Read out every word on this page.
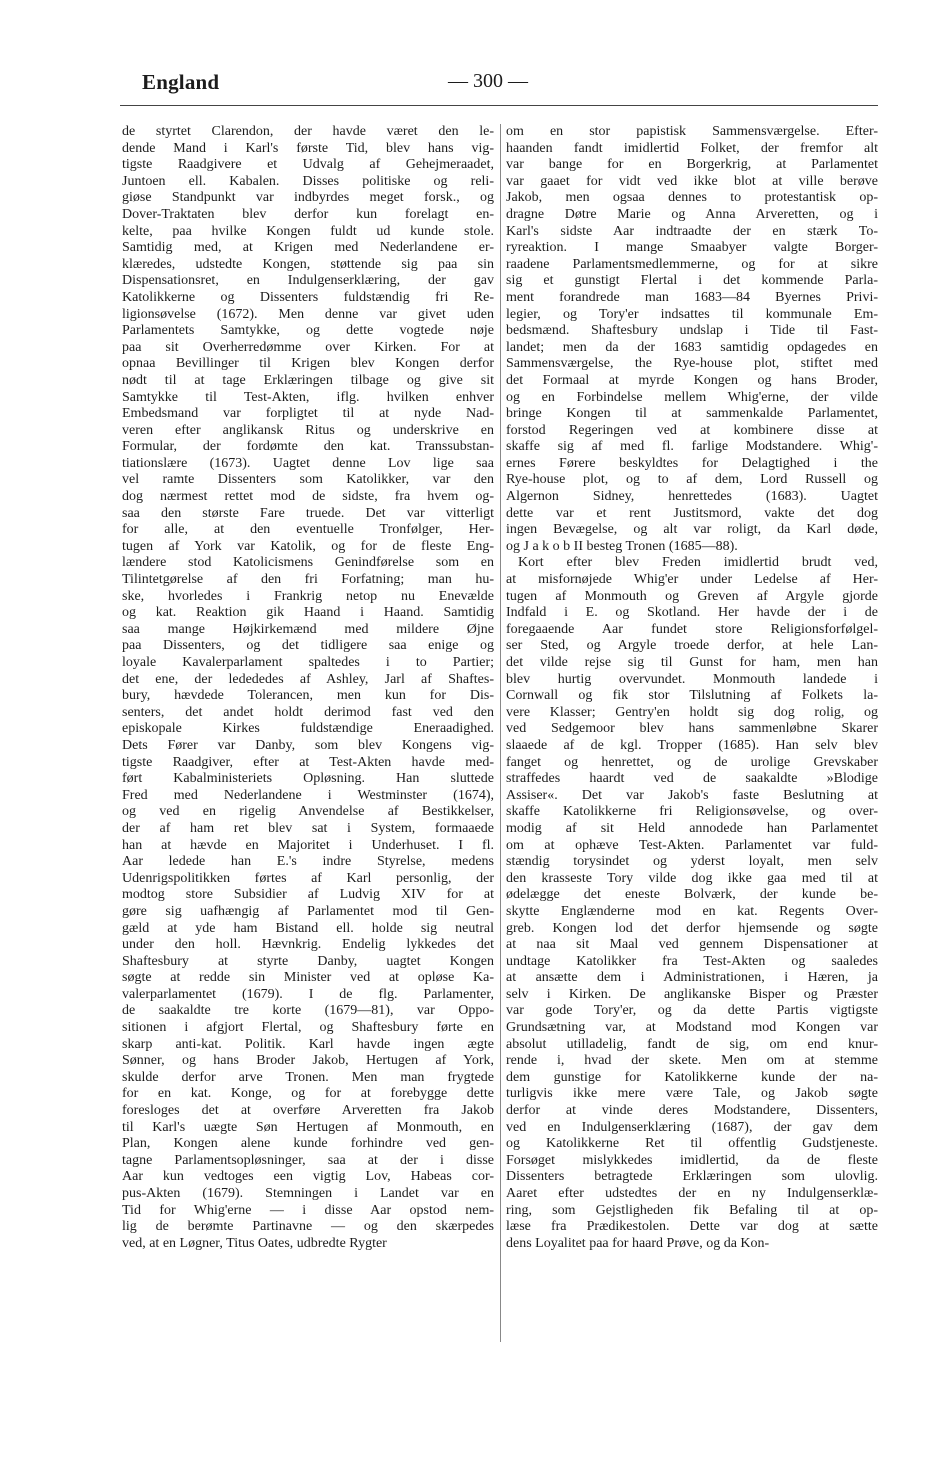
England	— 300 —
de styrtet Clarendon, der havde været den le-
dende Mand i Karl's første Tid, blev hans vig-
tigste Raadgivere et Udvalg af Gehejmeraadet,
Juntoen ell. Kabalen. Disses politiske og reli-
giøse Standpunkt var indbyrdes meget forsk., og
Dover-Traktaten blev derfor kun forelagt en-
kelte, paa hvilke Kongen fuldt ud kunde stole.
Samtidig med, at Krigen med Nederlandene er-
klæredes, udstedte Kongen, støttende sig paa sin
Dispensationsret, en Indulgenserklæring, der gav
Katolikkerne og Dissenters fuldstændig fri Re-
ligionsøvelse (1672). Men denne var givet uden
Parlamentets Samtykke, og dette vogtede nøje
paa sit Overherredømme over Kirken. For at
opnaa Bevillinger til Krigen blev Kongen derfor
nødt til at tage Erklæringen tilbage og give sit
Samtykke til Test-Akten, iflg. hvilken enhver
Embedsmand var forpligtet til at nyde Nad-
veren efter anglikansk Ritus og underskrive en
Formular, der fordømte den kat. Transsubstan-
tiationslære (1673). Uagtet denne Lov lige saa
vel ramte Dissenters som Katolikker, var den
dog nærmest rettet mod de sidste, fra hvem og-
saa den største Fare truede. Det var vitterligt
for alle, at den eventuelle Tronfølger, Her-
tugen af York var Katolik, og for de fleste Eng-
lændere stod Katolicismens Genindførelse som en
Tilintetgørelse af den fri Forfatning; man hu-
ske, hvorledes i Frankrig netop nu Enevælde
og kat. Reaktion gik Haand i Haand. Samtidig
saa mange Højkirkemænd med mildere Øjne
paa Dissenters, og det tidligere saa enige og
loyale Kavalerparlament spaltedes i to Partier;
det ene, der ledededes af Ashley, Jarl af Shaftes-
bury, hævdede Tolerancen, men kun for Dis-
senters, det andet holdt derimod fast ved den
episkopale Kirkes fuldstændige Eneraadighed.
Dets Fører var Danby, som blev Kongens vig-
tigste Raadgiver, efter at Test-Akten havde med-
ført Kabalministeriets Opløsning. Han sluttede
Fred med Nederlandene i Westminster (1674),
og ved en rigelig Anvendelse af Bestikkelser,
der af ham ret blev sat i System, formaaede
han at hævde en Majoritet i Underhuset. I fl.
Aar ledede han E.'s indre Styrelse, medens
Udenrigspolitikken førtes af Karl personlig, der
modtog store Subsidier af Ludvig XIV for at
gøre sig uafhængig af Parlamentet mod til Gen-
gæld at yde ham Bistand ell. holde sig neutral
under den holl. Hævnkrig. Endelig lykkedes det
Shaftesbury at styrte Danby, uagtet Kongen
søgte at redde sin Minister ved at opløse Ka-
valerparlamentet (1679). I de flg. Parlamenter,
de saakaldte tre korte (1679—81), var Oppo-
sitionen i afgjort Flertal, og Shaftesbury førte en
skarp anti-kat. Politik. Karl havde ingen ægte
Sønner, og hans Broder Jakob, Hertugen af York,
skulde derfor arve Tronen. Men man frygtede
for en kat. Konge, og for at forebygge dette
foresloges det at overføre Arveretten fra Jakob
til Karl's uægte Søn Hertugen af Monmouth, en
Plan, Kongen alene kunde forhindre ved gen-
tagne Parlamentsopløsninger, saa at der i disse
Aar kun vedtoges een vigtig Lov, Habeas cor-
pus-Akten (1679). Stemningen i Landet var en
Tid for Whig'erne — i disse Aar opstod nem-
lig de berømte Partinavne — og den skærpedes
ved, at en Løgner, Titus Oates, udbredte Rygter
om en stor papistisk Sammensværgelse. Efter-
haanden fandt imidlertid Folket, der fremfor alt
var bange for en Borgerkrig, at Parlamentet
var gaaet for vidt ved ikke blot at ville berøve
Jakob, men ogsaa dennes to protestantisk op-
dragne Døtre Marie og Anna Arveretten, og i
Karl's sidste Aar indtraadte der en stærk To-
ryreaktion. I mange Smaabyer valgte Borger-
raadene Parlamentsmedlemmerne, og for at sikre
sig et gunstigt Flertal i det kommende Parla-
ment forandrede man 1683—84 Byernes Privi-
legier, og Tory'er indsattes til kommunale Em-
bedsmænd. Shaftesbury undslap i Tide til Fast-
landet; men da der 1683 samtidig opdagedes en
Sammensværgelse, the Rye-house plot, stiftet med
det Formaal at myrde Kongen og hans Broder,
og en Forbindelse mellem Whig'erne, der vilde
bringe Kongen til at sammenkalde Parlamentet,
forstod Regeringen ved at kombinere disse at
skaffe sig af med fl. farlige Modstandere. Whig'-
ernes Førere beskyldtes for Delagtighed i the
Rye-house plot, og to af dem, Lord Russell og
Algernon Sidney, henrettedes (1683). Uagtet
dette var et rent Justitsmord, vakte det dog
ingen Bevægelse, og alt var roligt, da Karl døde,
og J a k o b II besteg Tronen (1685—88).
Kort efter blev Freden imidlertid brudt ved,
at misfornøjede Whig'er under Ledelse af Her-
tugen af Monmouth og Greven af Argyle gjorde
Indfald i E. og Skotland. Her havde der i de
foregaaende Aar fundet store Religionsforfølgel-
ser Sted, og Argyle troede derfor, at hele Lan-
det vilde rejse sig til Gunst for ham, men han
blev hurtig overvundet. Monmouth landede i
Cornwall og fik stor Tilslutning af Folkets la-
vere Klasser; Gentry'en holdt sig dog rolig, og
ved Sedgemoor blev hans sammenløbne Skarer
slaaede af de kgl. Tropper (1685). Han selv blev
fanget og henrettet, og de urolige Grevskaber
straffedes haardt ved de saakaldte »Blodige
Assiser«. Det var Jakob's faste Beslutning at
skaffe Katolikkerne fri Religionsøvelse, og over-
modig af sit Held annodede han Parlamentet
om at ophæve Test-Akten. Parlamentet var fuld-
stændig torysindet og yderst loyalt, men selv
den krasseste Tory vilde dog ikke gaa med til at
ødelægge det eneste Bolværk, der kunde be-
skytte Englænderne mod en kat. Regents Over-
greb. Kongen lod det derfor hjemsende og søgte
at naa sit Maal ved gennem Dispensationer at
undtage Katolikker fra Test-Akten og saaledes
at ansætte dem i Administrationen, i Hæren, ja
selv i Kirken. De anglikanske Bisper og Præster
var gode Tory'er, og da dette Partis vigtigste
Grundsætning var, at Modstand mod Kongen var
absolut utilladelig, fandt de sig, om end knur-
rende i, hvad der skete. Men om at stemme
dem gunstige for Katolikkerne kunde der na-
turligvis ikke mere være Tale, og Jakob søgte
derfor at vinde deres Modstandere, Dissenters,
ved en Indulgenserklæring (1687), der gav dem
og Katolikkerne Ret til offentlig Gudstjeneste.
Forsøget mislykkedes imidlertid, da de fleste
Dissenters betragtede Erklæringen som ulovlig.
Aaret efter udstedtes der en ny Indulgenserklæ-
ring, som Gejstligheden fik Befaling til at op-
læse fra Prædikestolen. Dette var dog at sætte
dens Loyalitet paa for haard Prøve, og da Kon-
